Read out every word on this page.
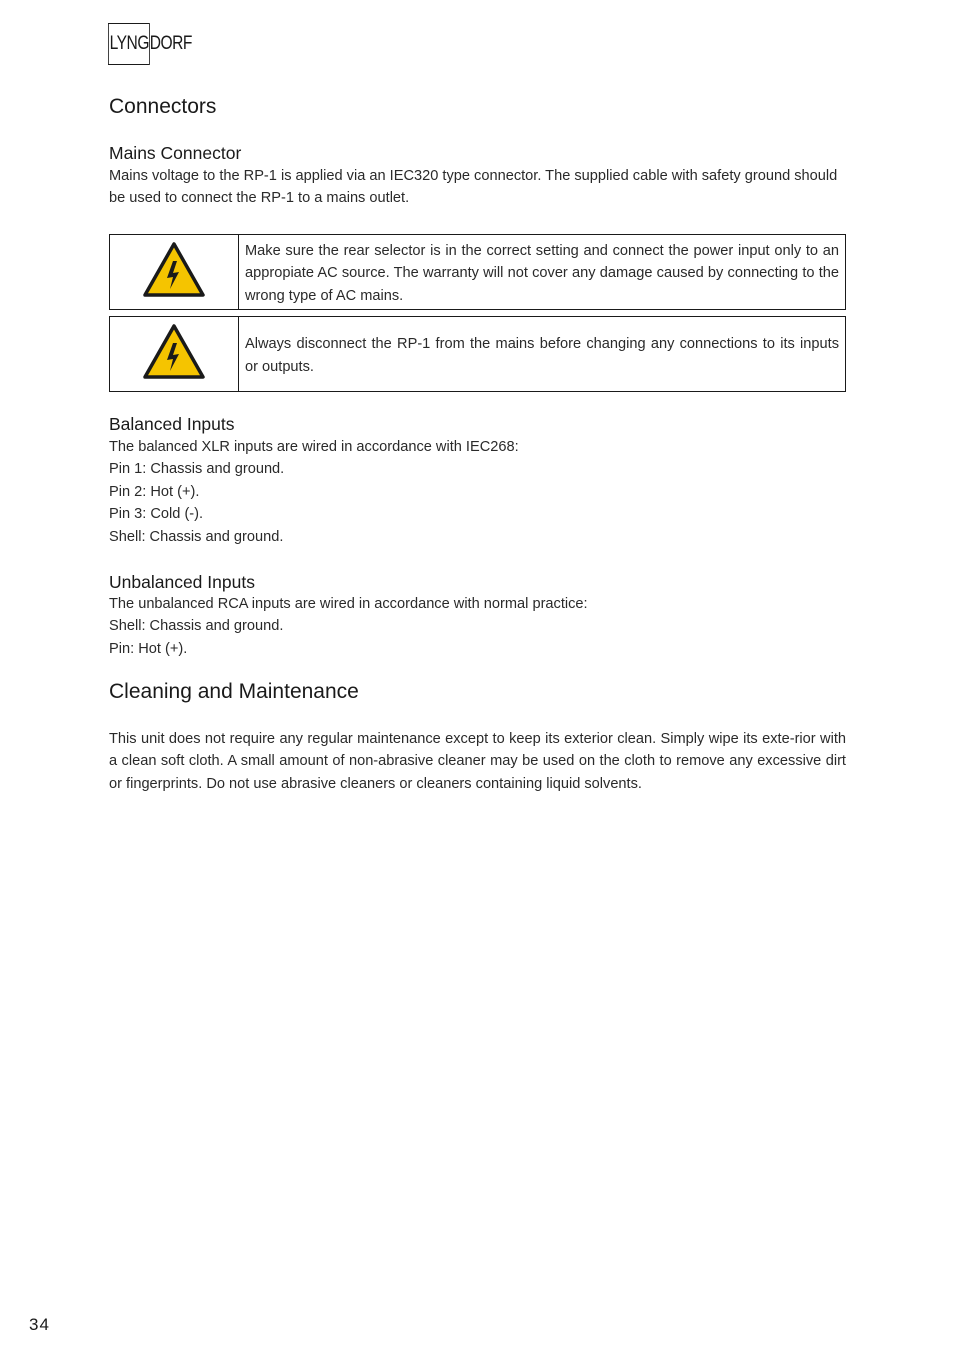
LYNG DORF
Connectors
Mains Connector

Mains voltage to the RP-1 is applied via an IEC320 type connector. The supplied cable with safety ground should be used to connect the RP-1 to a mains outlet.

Make sure the rear selector is in the correct setting and connect the power input only to an appropiate AC source. The warranty will not cover any damage caused by connecting to the wrong type of AC mains.

Always disconnect the RP-1 from the mains before changing any connections to its inputs or outputs.

Balanced Inputs

The balanced XLR inputs are wired in accordance with IEC268:

Pin 1: Chassis and ground.

Pin 2: Hot (+).

Pin 3: Cold (-).

Shell: Chassis and ground.

Unbalanced Inputs

The unbalanced RCA inputs are wired in accordance with normal practice:

Shell: Chassis and ground.

Pin: Hot (+).

Cleaning and Maintenance

This unit does not require any regular maintenance except to keep its exterior clean. Simply wipe its exte-rior with a clean soft cloth. A small amount of non-abrasive cleaner may be used on the cloth to remove any excessive dirt or fingerprints. Do not use abrasive cleaners or cleaners containing liquid solvents.

34
